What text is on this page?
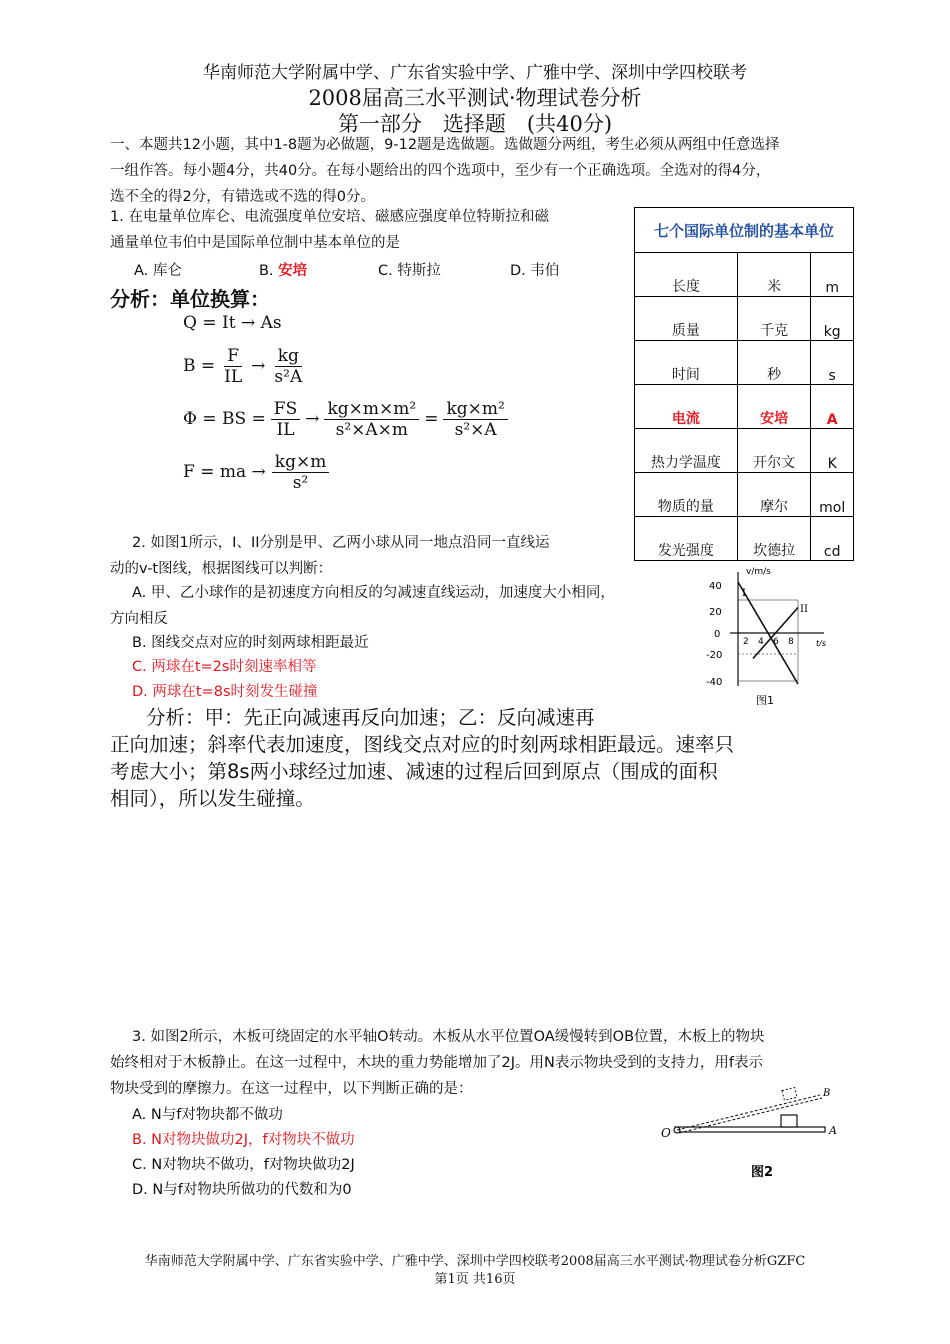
华南师范大学附属中学、广东省实验中学、广雅中学、深圳中学四校联考
2008届高三水平测试·物理试卷分析
第一部分　选择题　(共40分)
一、本题共12小题，其中1-8题为必做题，9-12题是选做题。选做题分两组，考生必须从两组中任意选择
一组作答。每小题4分，共40分。在每小题给出的四个选项中，至少有一个正确选项。全选对的得4分，
选不全的得2分，有错选或不选的得0分。
1. 在电量单位库仑、电流强度单位安培、磁感应强度单位特斯拉和磁
通量单位韦伯中是国际单位制中基本单位的是
A. 库仑	B. 安培	C. 特斯拉	D. 韦伯
分析：单位换算：
Q = It → As
$B = \frac{F}{IL}$ →
kg
s²A
Φ = BS = $\frac{FS}{IL} \to \frac{\text{kg×m×m²}}{\text{s²×A×m}} = \frac{\text{kg×m²}}{\text{s²×A}}$
F = ma → $\frac{kg\times m}{\text{s²}}$
七个国际单位制的基本单位		
长度	米	m
质量	千克	kg
时间	秒	s
电流	安培	A
热力学温度	开尔文	K
物质的量	摩尔	mol
发光强度	坎德拉	cd
2. 如图1所示，I、II分别是甲、乙两小球从同一地点沿同一直线运
动的v-t图线，根据图线可以判断：
A. 甲、乙小球作的是初速度方向相反的匀减速直线运动，加速度大小相同，
方向相反
B. 图线交点对应的时刻两球相距最近
C. 两球在t=2s时刻速率相等
D. 两球在t=8s时刻发生碰撞
v/m/s
t/s
40
20
0
-20
-40
2 4 6 8
I
II
图1
分析：甲：先正向减速再反向加速；乙：反向减速再
正向加速；斜率代表加速度，图线交点对应的时刻两球相距最远。速率只
考虑大小；第8s两小球经过加速、减速的过程后回到原点（围成的面积
相同），所以发生碰撞。
3. 如图2所示，木板可绕固定的水平轴O转动。木板从水平位置OA缓慢转到OB位置，木板上的物块
始终相对于木板静止。在这一过程中，木块的重力势能增加了2J。用N表示物块受到的支持力，用f表示
物块受到的摩擦力。在这一过程中，以下判断正确的是：
A. N与f对物块都不做功
B. N对物块做功2J，f对物块不做功
C. N对物块不做功，f对物块做功2J
D. N与f对物块所做功的代数和为0
O	A
B
图2
华南师范大学附属中学、广东省实验中学、广雅中学、深圳中学四校联考2008届高三水平测试·物理试卷分析GZFC
第1页 共16页
